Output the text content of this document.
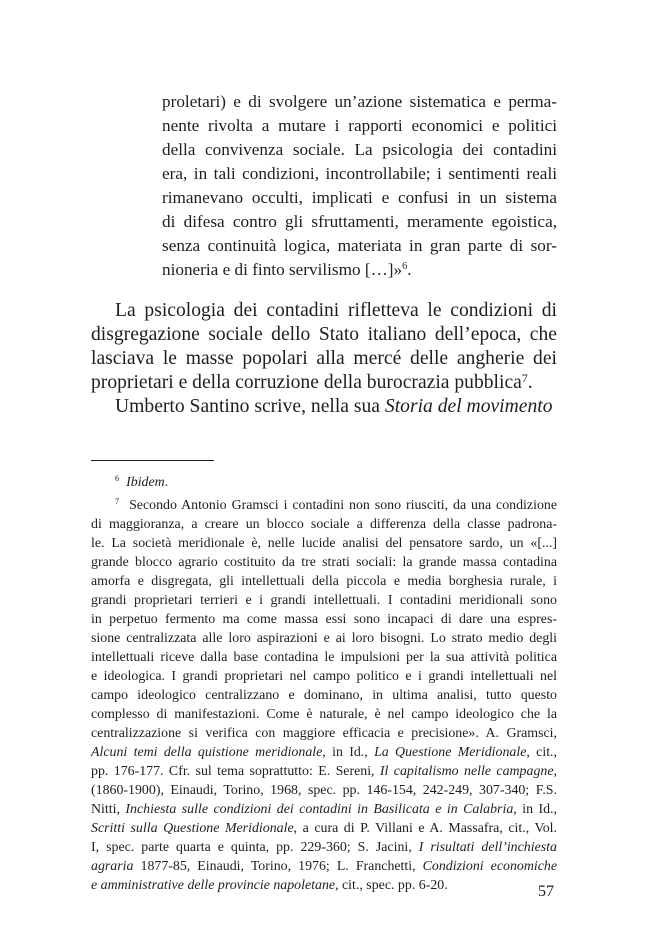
proletari) e di svolgere un’azione sistematica e perma-
nente rivolta a mutare i rapporti economici e politici
della convivenza sociale. La psicologia dei contadini
era, in tali condizioni, incontrollabile; i sentimenti reali
rimanevano occulti, implicati e confusi in un sistema
di difesa contro gli sfruttamenti, meramente egoistica,
senza continuità logica, materiata in gran parte di sor-
nioneria e di finto servilismo […]»$^6$.
La psicologia dei contadini rifletteva le condizioni di
disgregazione sociale dello Stato italiano dell’epoca, che
lasciava le masse popolari alla mercé delle angherie dei
proprietari e della corruzione della burocrazia pubblica$^7$.
Umberto Santino scrive, nella sua Storia del movimento
$^6$ Ibidem.
$^7$ Secondo Antonio Gramsci i contadini non sono riusciti, da una condizione
di maggioranza, a creare un blocco sociale a differenza della classe padrona-
le. La società meridionale è, nelle lucide analisi del pensatore sardo, un «[...]
grande blocco agrario costituito da tre strati sociali: la grande massa contadina
amorfa e disgregata, gli intellettuali della piccola e media borghesia rurale, i
grandi proprietari terrieri e i grandi intellettuali. I contadini meridionali sono
in perpetuo fermento ma come massa essi sono incapaci di dare una espres-
sione centralizzata alle loro aspirazioni e ai loro bisogni. Lo strato medio degli
intellettuali riceve dalla base contadina le impulsioni per la sua attività politica
e ideologica. I grandi proprietari nel campo politico e i grandi intellettuali nel
campo ideologico centralizzano e dominano, in ultima analisi, tutto questo
complesso di manifestazioni. Come è naturale, è nel campo ideologico che la
centralizzazione si verifica con maggiore efficacia e precisione». A. Gramsci,
Alcuni temi della quistione meridionale, in Id., La Questione Meridionale, cit.,
pp. 176-177. Cfr. sul tema soprattutto: E. Sereni, Il capitalismo nelle campagne,
(1860-1900), Einaudi, Torino, 1968, spec. pp. 146-154, 242-249, 307-340; F.S.
Nitti, Inchiesta sulle condizioni dei contadini in Basilicata e in Calabria, in Id.,
Scritti sulla Questione Meridionale, a cura di P. Villani e A. Massafra, cit., Vol.
I, spec. parte quarta e quinta, pp. 229-360; S. Jacini, I risultati dell’inchiesta
agraria 1877-85, Einaudi, Torino, 1976; L. Franchetti, Condizioni economiche
e amministrative delle provincie napoletane, cit., spec. pp. 6-20.	57
